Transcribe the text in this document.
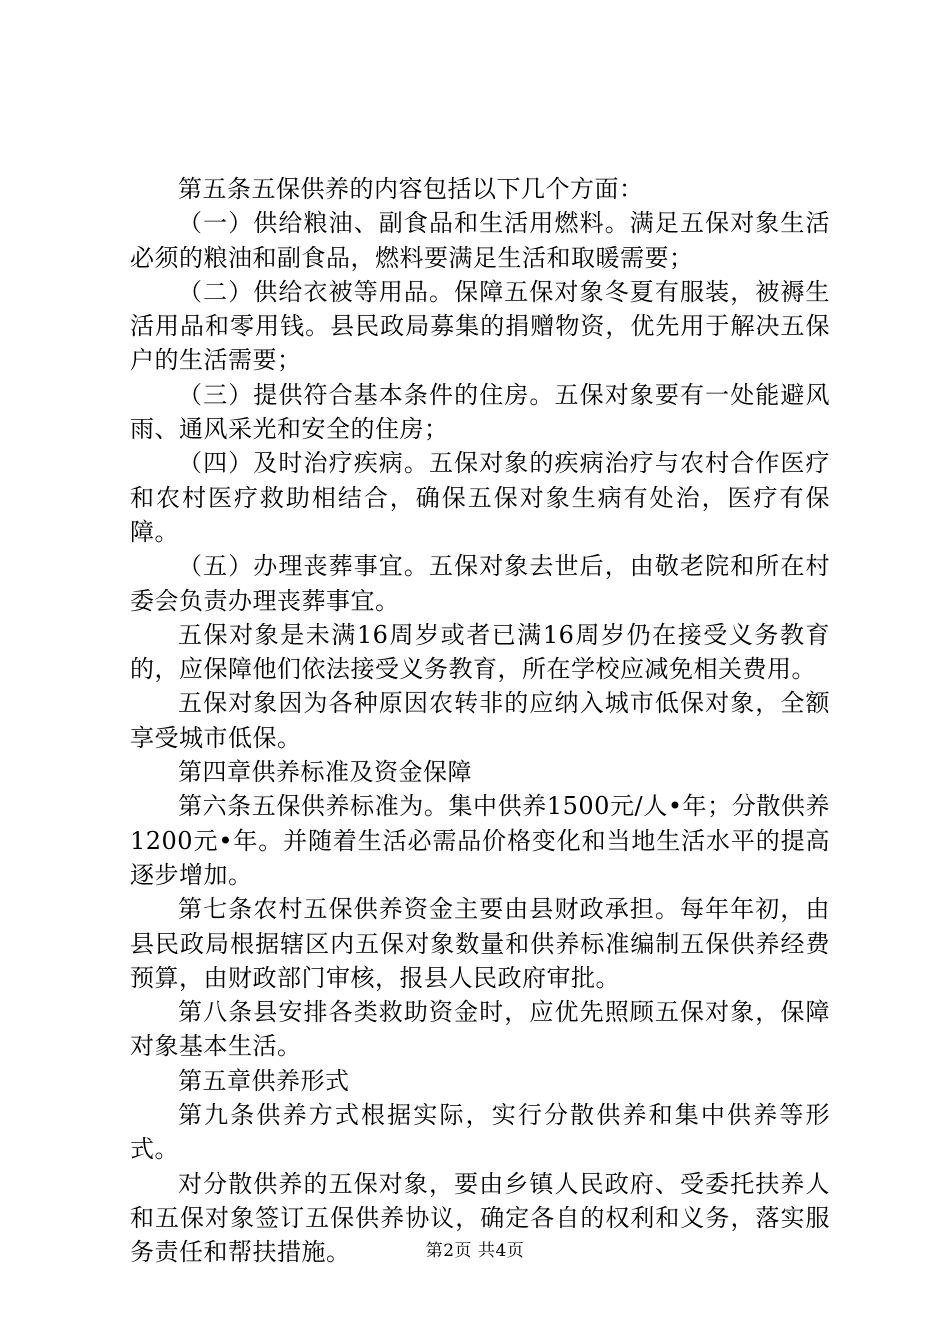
第五条五保供养的内容包括以下几个方面：

（一）供给粮油、副食品和生活用燃料。满足五保对象生活必须的粮油和副食品，燃料要满足生活和取暖需要；

（二）供给衣被等用品。保障五保对象冬夏有服装，被褥生活用品和零用钱。县民政局募集的捐赠物资，优先用于解决五保户的生活需要；

（三）提供符合基本条件的住房。五保对象要有一处能避风雨、通风采光和安全的住房；

（四）及时治疗疾病。五保对象的疾病治疗与农村合作医疗和农村医疗救助相结合，确保五保对象生病有处治，医疗有保障。

（五）办理丧葬事宜。五保对象去世后，由敬老院和所在村委会负责办理丧葬事宜。

五保对象是未满16周岁或者已满16周岁仍在接受义务教育的，应保障他们依法接受义务教育，所在学校应减免相关费用。

五保对象因为各种原因农转非的应纳入城市低保对象，全额享受城市低保。

第四章供养标准及资金保障

第六条五保供养标准为。集中供养1500元/人•年；分散供养1200元•年。并随着生活必需品价格变化和当地生活水平的提高逐步增加。

第七条农村五保供养资金主要由县财政承担。每年年初，由县民政局根据辖区内五保对象数量和供养标准编制五保供养经费预算，由财政部门审核，报县人民政府审批。

第八条县安排各类救助资金时，应优先照顾五保对象，保障对象基本生活。

第五章供养形式

第九条供养方式根据实际，实行分散供养和集中供养等形式。

对分散供养的五保对象，要由乡镇人民政府、受委托扶养人和五保对象签订五保供养协议，确定各自的权利和义务，落实服务责任和帮扶措施。	第2页 共4页
